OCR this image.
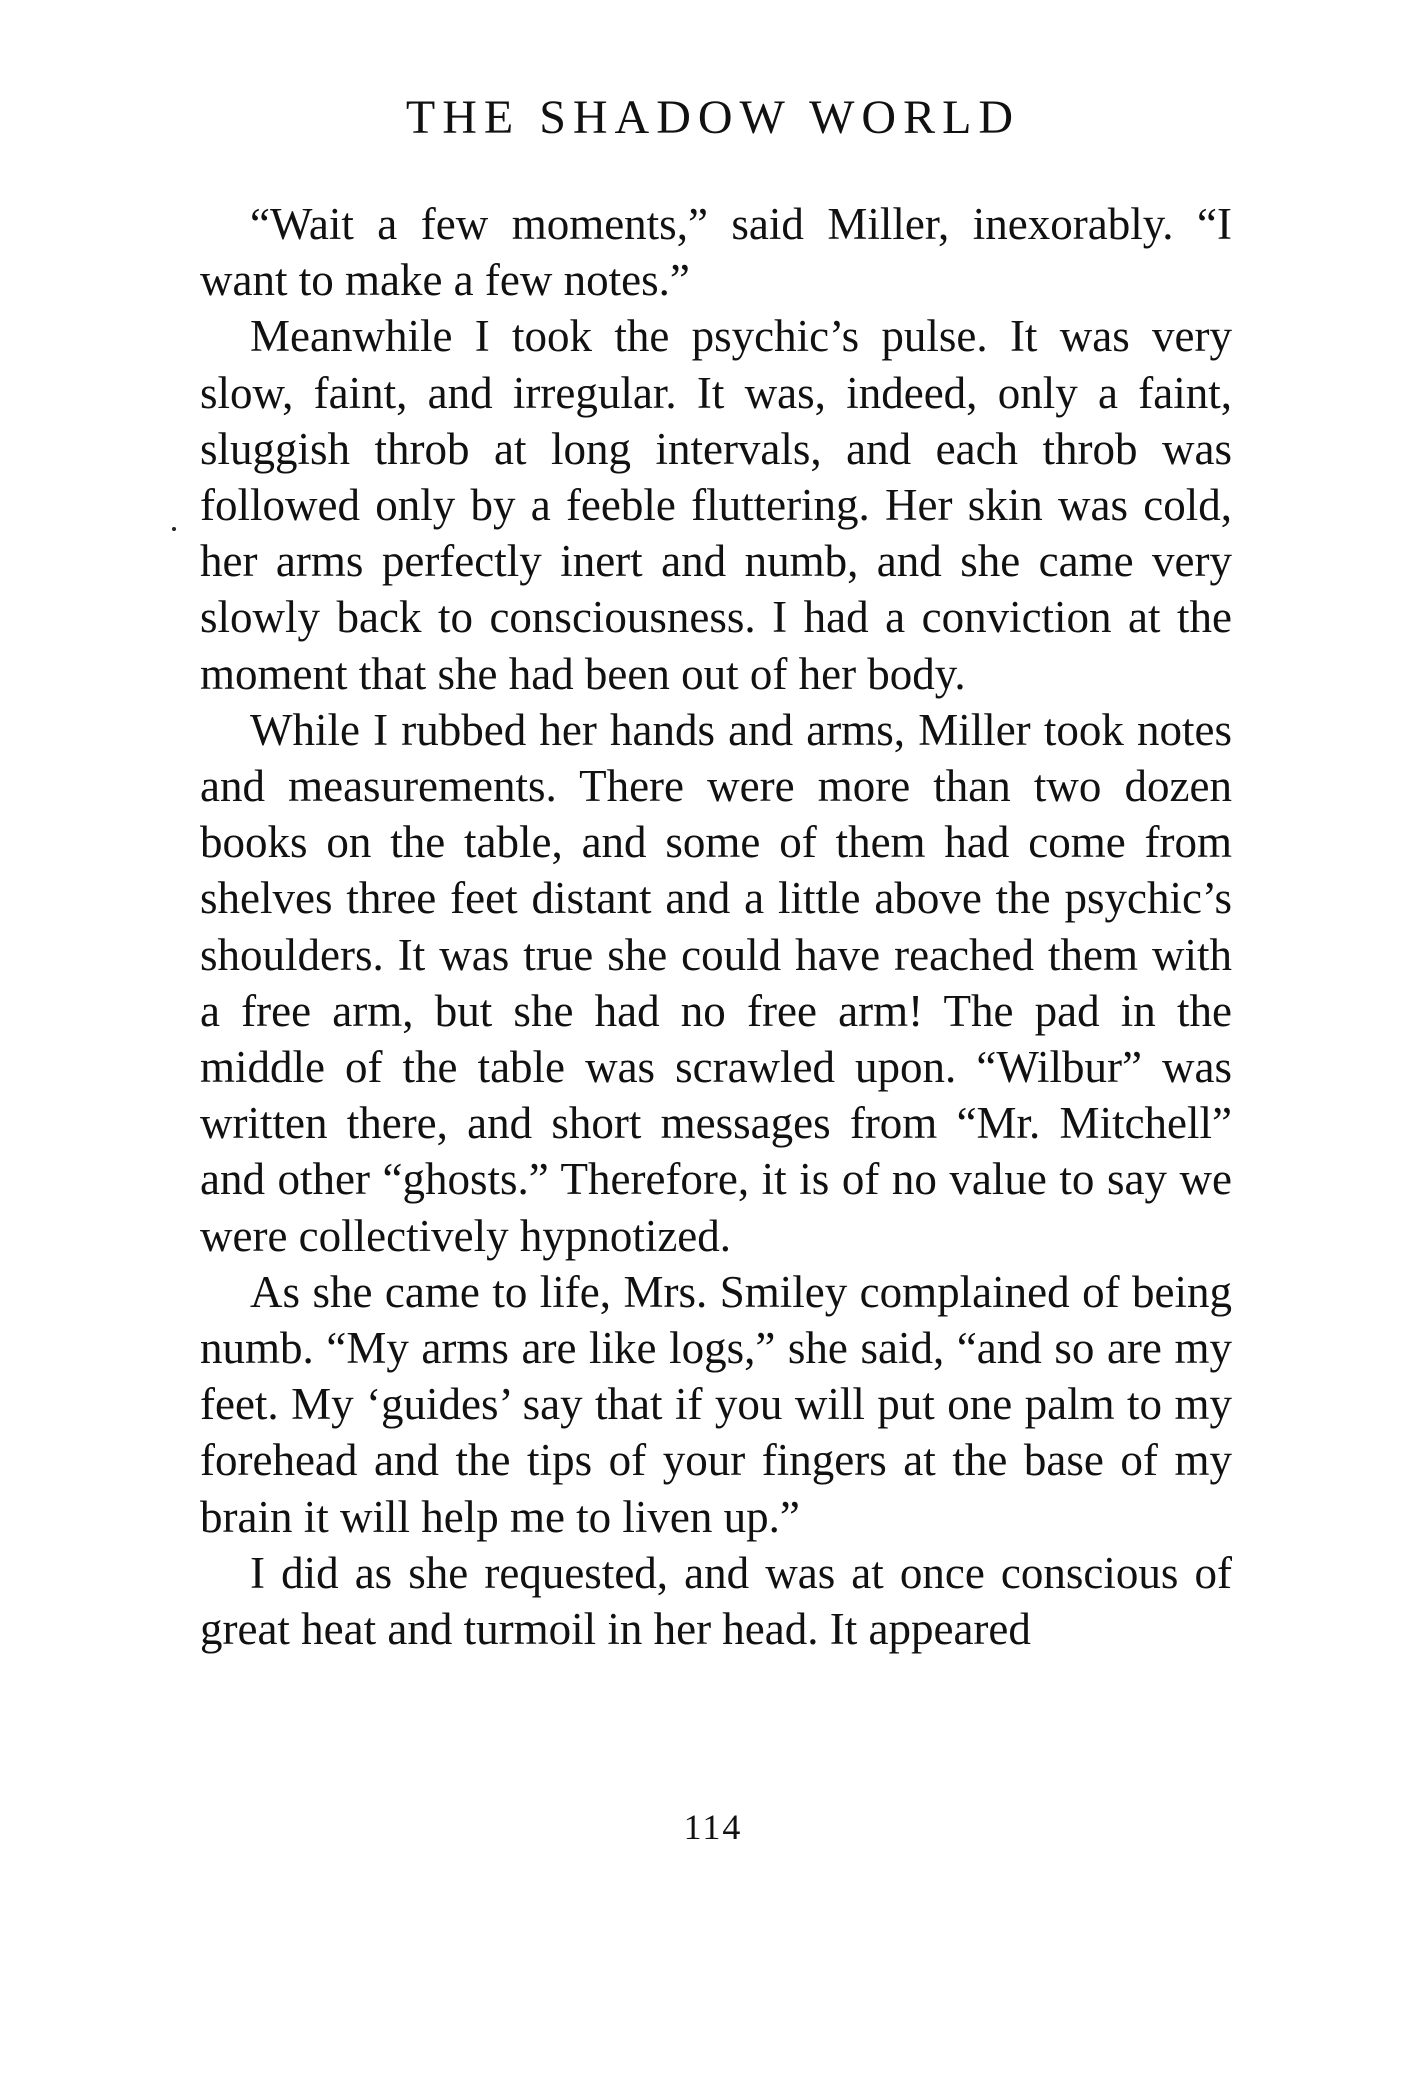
THE SHADOW WORLD

“Wait a few moments,” said Miller, inexorably. “I want to make a few notes.”

Meanwhile I took the psychic’s pulse. It was very slow, faint, and irregular. It was, indeed, only a faint, sluggish throb at long intervals, and each throb was followed only by a feeble fluttering. Her skin was cold, her arms perfectly inert and numb, and she came very slowly back to consciousness. I had a conviction at the moment that she had been out of her body.

While I rubbed her hands and arms, Miller took notes and measurements. There were more than two dozen books on the table, and some of them had come from shelves three feet distant and a little above the psychic’s shoulders. It was true she could have reached them with a free arm, but she had no free arm! The pad in the middle of the table was scrawled upon. “Wilbur” was written there, and short messages from “Mr. Mitchell” and other “ghosts.” Therefore, it is of no value to say we were collectively hypnotized.

As she came to life, Mrs. Smiley complained of being numb. “My arms are like logs,” she said, “and so are my feet. My ‘guides’ say that if you will put one palm to my forehead and the tips of your fingers at the base of my brain it will help me to liven up.”

I did as she requested, and was at once conscious of great heat and turmoil in her head. It appeared

114
